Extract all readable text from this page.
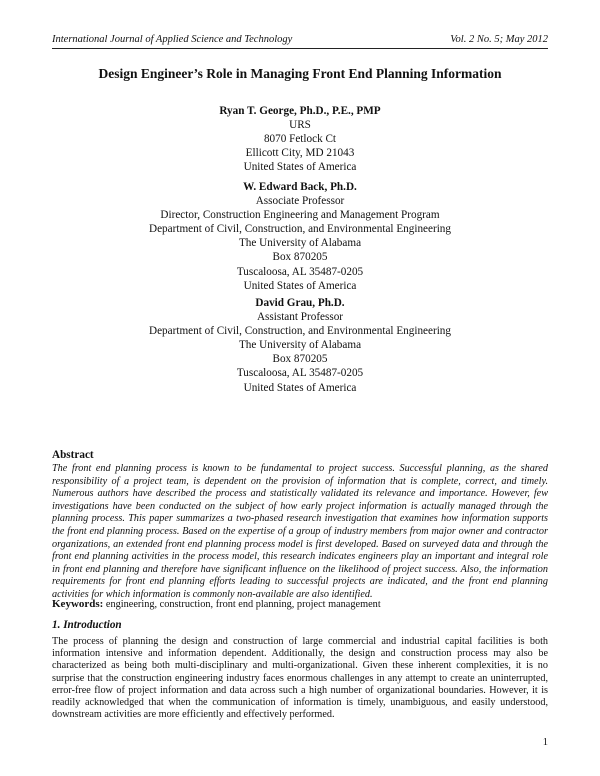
International Journal of Applied Science and Technology	Vol. 2 No. 5; May 2012
Design Engineer’s Role in Managing Front End Planning Information
Ryan T. George, Ph.D., P.E., PMP
URS
8070 Fetlock Ct
Ellicott City, MD 21043
United States of America
W. Edward Back, Ph.D.
Associate Professor
Director, Construction Engineering and Management Program
Department of Civil, Construction, and Environmental Engineering
The University of Alabama
Box 870205
Tuscaloosa, AL 35487-0205
United States of America
David Grau, Ph.D.
Assistant Professor
Department of Civil, Construction, and Environmental Engineering
The University of Alabama
Box 870205
Tuscaloosa, AL 35487-0205
United States of America
Abstract
The front end planning process is known to be fundamental to project success. Successful planning, as the shared responsibility of a project team, is dependent on the provision of information that is complete, correct, and timely. Numerous authors have described the process and statistically validated its relevance and importance. However, few investigations have been conducted on the subject of how early project information is actually managed through the planning process. This paper summarizes a two-phased research investigation that examines how information supports the front end planning process. Based on the expertise of a group of industry members from major owner and contractor organizations, an extended front end planning process model is first developed. Based on surveyed data and through the front end planning activities in the process model, this research indicates engineers play an important and integral role in front end planning and therefore have significant influence on the likelihood of project success. Also, the information requirements for front end planning efforts leading to successful projects are indicated, and the front end planning activities for which information is commonly non-available are also identified.
Keywords: engineering, construction, front end planning, project management
1. Introduction
The process of planning the design and construction of large commercial and industrial capital facilities is both information intensive and information dependent. Additionally, the design and construction process may also be characterized as being both multi-disciplinary and multi-organizational. Given these inherent complexities, it is no surprise that the construction engineering industry faces enormous challenges in any attempt to create an uninterrupted, error-free flow of project information and data across such a high number of organizational boundaries. However, it is readily acknowledged that when the communication of information is timely, unambiguous, and easily understood, downstream activities are more efficiently and effectively performed.
1
